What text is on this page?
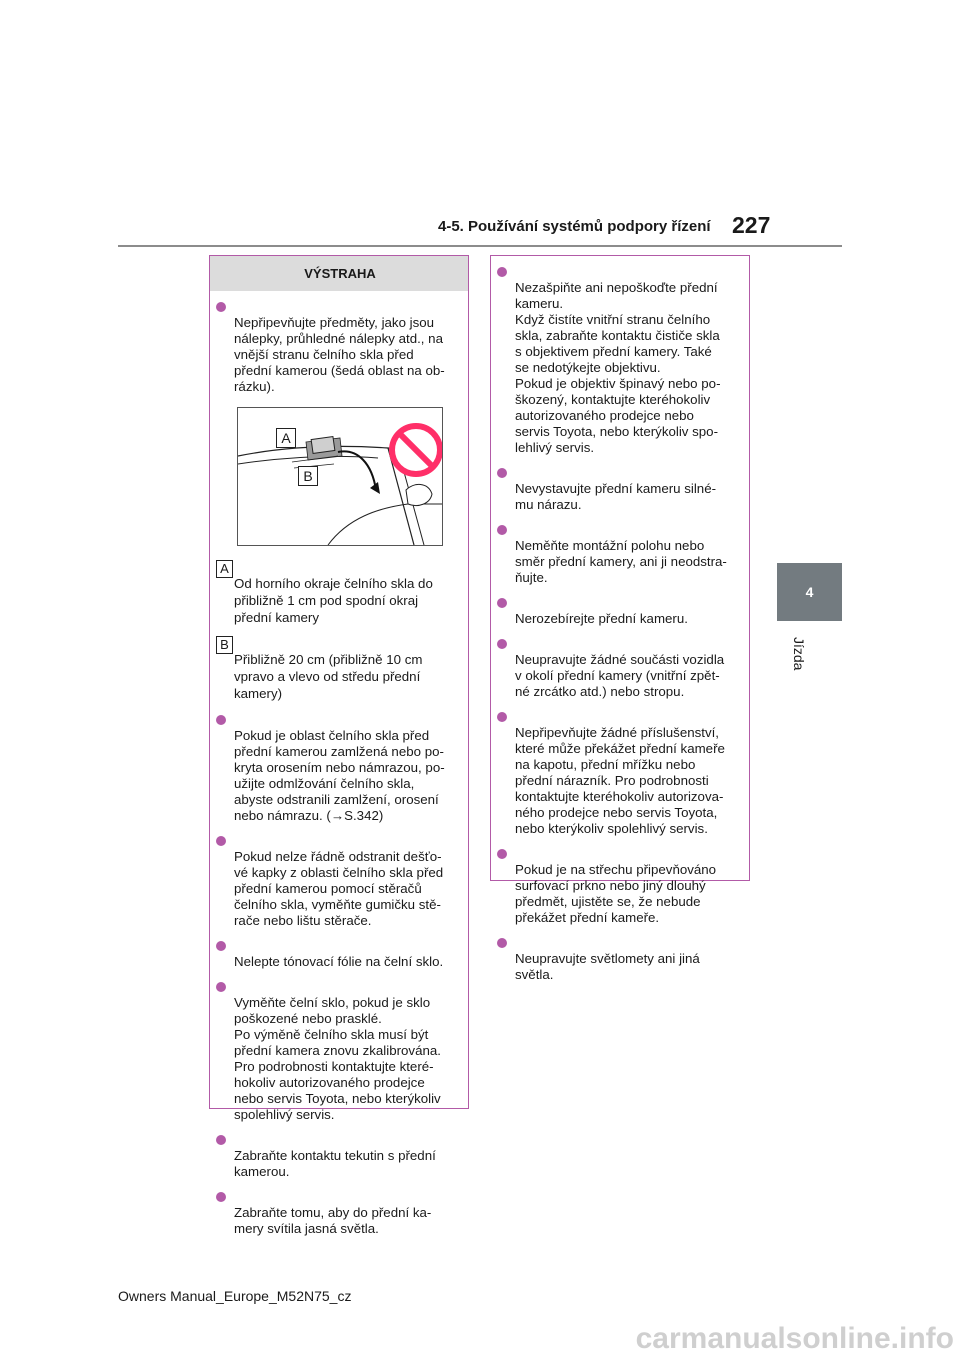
4-5. Používání systémů podpory řízení 227
4
Jízda
VÝSTRAHA

Nepřipevňujte předměty, jako jsou
nálepky, průhledné nálepky atd., na
vnější stranu čelního skla před
přední kamerou (šedá oblast na ob-
rázku).

A
B

A
Od horního okraje čelního skla do
přibližně 1 cm pod spodní okraj
přední kamery

B
Přibližně 20 cm (přibližně 10 cm
vpravo a vlevo od středu přední
kamery)

Pokud je oblast čelního skla před
přední kamerou zamlžená nebo po-
kryta orosením nebo námrazou, po-
užijte odmlžování čelního skla,
abyste odstranili zamlžení, orosení
nebo námrazu. (→S.342)

Pokud nelze řádně odstranit dešťo-
vé kapky z oblasti čelního skla před
přední kamerou pomocí stěračů
čelního skla, vyměňte gumičku stě-
rače nebo lištu stěrače.

Nelepte tónovací fólie na čelní sklo.

Vyměňte čelní sklo, pokud je sklo
poškozené nebo prasklé.
Po výměně čelního skla musí být
přední kamera znovu zkalibrována.
Pro podrobnosti kontaktujte které-
hokoliv autorizovaného prodejce
nebo servis Toyota, nebo kterýkoliv
spolehlivý servis.

Zabraňte kontaktu tekutin s přední
kamerou.

Zabraňte tomu, aby do přední ka-
mery svítila jasná světla.

Nezašpiňte ani nepoškoďte přední
kameru.
Když čistíte vnitřní stranu čelního
skla, zabraňte kontaktu čističe skla
s objektivem přední kamery. Také
se nedotýkejte objektivu.
Pokud je objektiv špinavý nebo po-
škozený, kontaktujte kteréhokoliv
autorizovaného prodejce nebo
servis Toyota, nebo kterýkoliv spo-
lehlivý servis.

Nevystavujte přední kameru silné-
mu nárazu.

Neměňte montážní polohu nebo
směr přední kamery, ani ji neodstra-
ňujte.

Nerozebírejte přední kameru.

Neupravujte žádné součásti vozidla
v okolí přední kamery (vnitřní zpět-
né zrcátko atd.) nebo stropu.

Nepřipevňujte žádné příslušenství,
které může překážet přední kameře
na kapotu, přední mřížku nebo
přední nárazník. Pro podrobnosti
kontaktujte kteréhokoliv autorizova-
ného prodejce nebo servis Toyota,
nebo kterýkoliv spolehlivý servis.

Pokud je na střechu připevňováno
surfovací prkno nebo jiný dlouhý
předmět, ujistěte se, že nebude
překážet přední kameře.

Neupravujte světlomety ani jiná
světla.

Owners Manual_Europe_M52N75_cz
carmanualsonline.info
